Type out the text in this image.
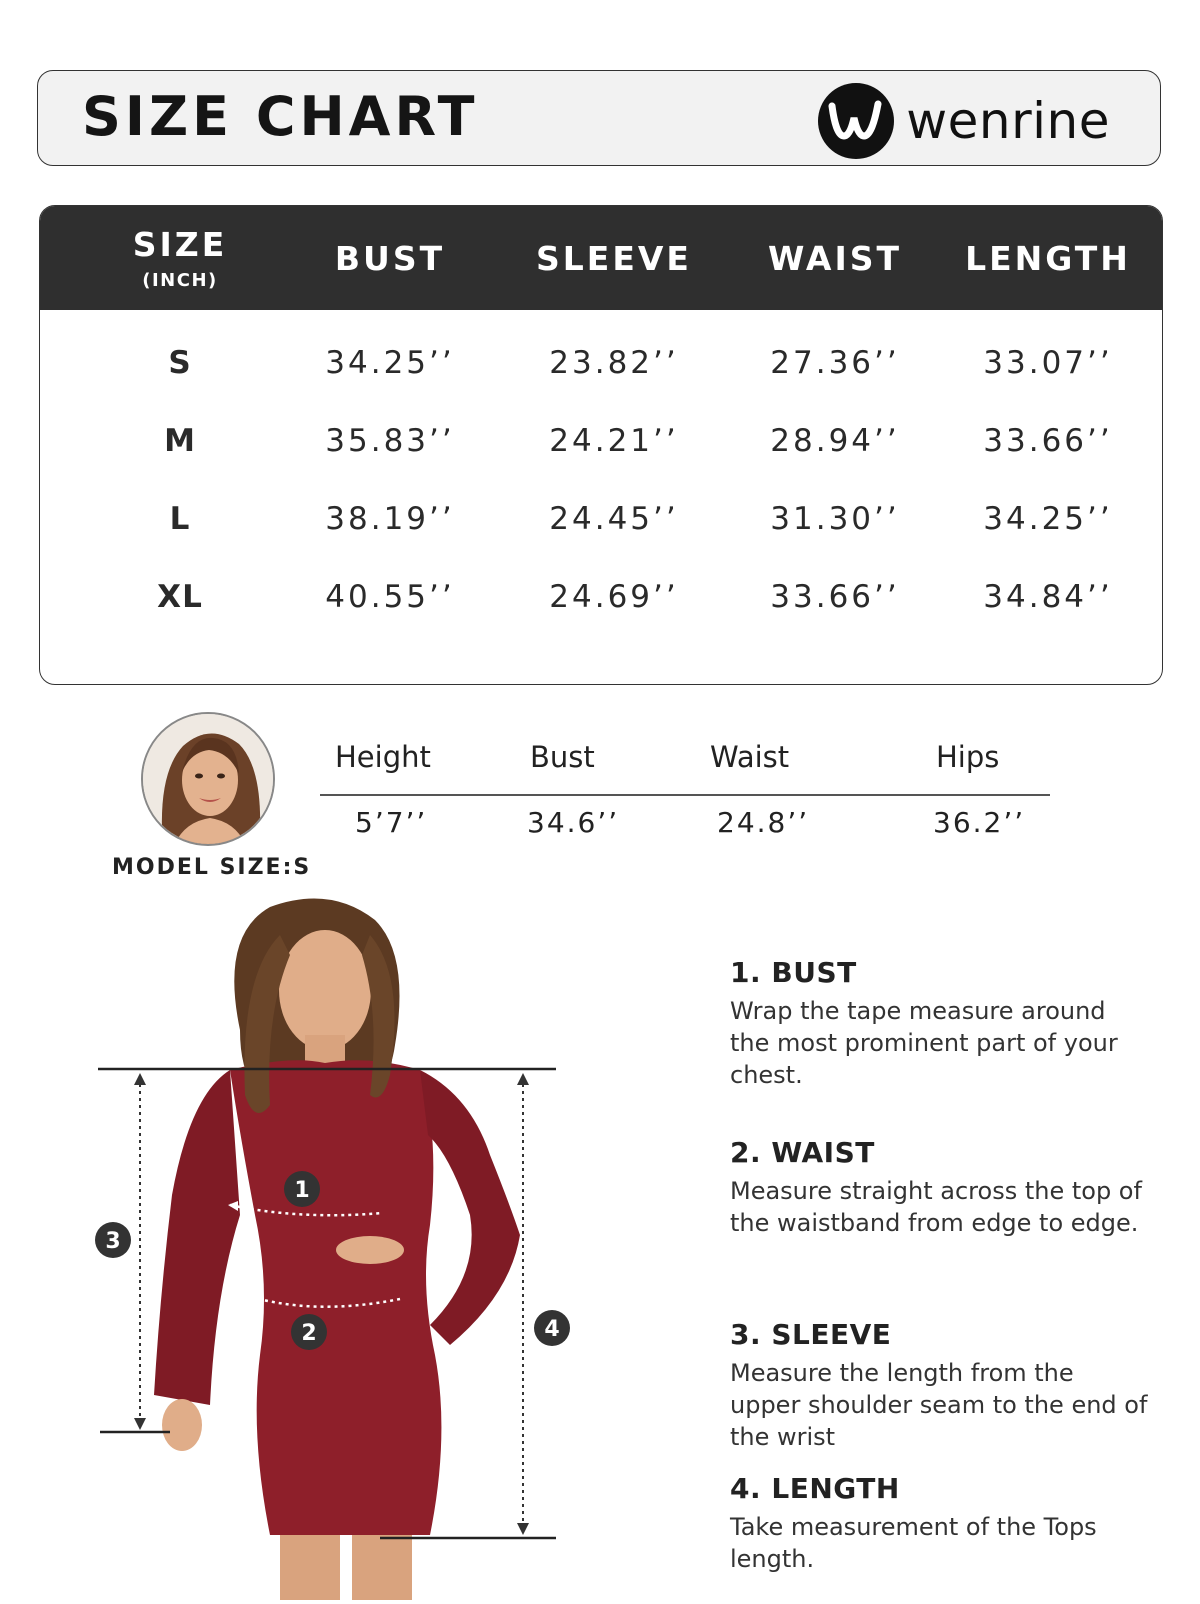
SIZE CHART	wenrine
SIZE
(INCH)
BUST	SLEEVE	WAIST	LENGTH
S	34.25’’	23.82’’	27.36’’	33.07’’
M	35.83’’	24.21’’	28.94’’	33.66’’
L	38.19’’	24.45’’	31.30’’	34.25’’
XL	40.55’’	24.69’’	33.66’’	34.84’’
MODEL SIZE:S
Height	Bust	Waist	Hips
5’7’’	34.6’’	24.8’’	36.2’’
1
2
3
4
1. BUST

Wrap the tape measure around the most prominent part of your chest.

2. WAIST

Measure straight across the top of the waistband from edge to edge.

3. SLEEVE

Measure the length from the upper shoulder seam to the end of the wrist

4. LENGTH

Take measurement of the Tops length.
